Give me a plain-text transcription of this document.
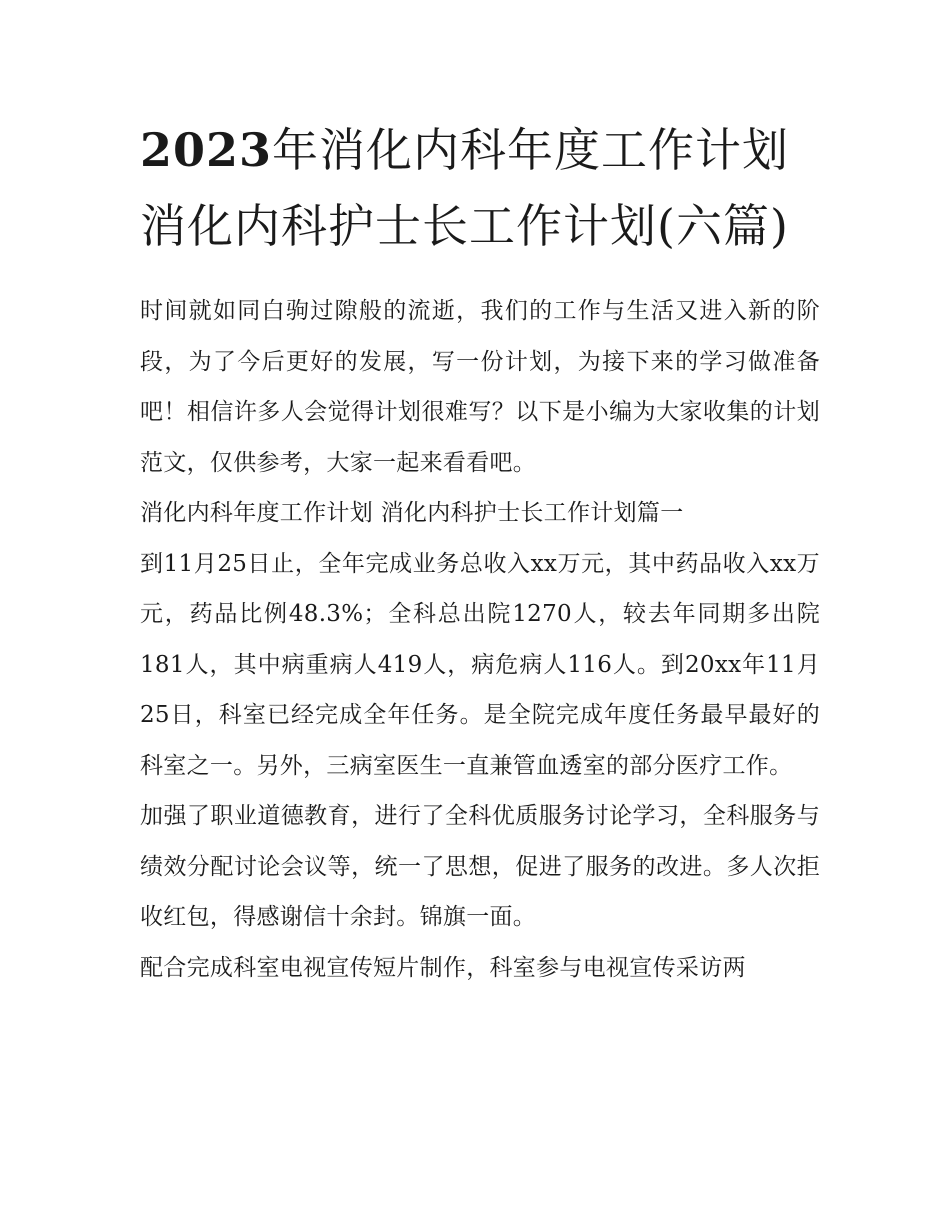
2023年消化内科年度工作计划消化内科护士长工作计划(六篇)

时间就如同白驹过隙般的流逝，我们的工作与生活又进入新的阶段，为了今后更好的发展，写一份计划，为接下来的学习做准备吧！相信许多人会觉得计划很难写？以下是小编为大家收集的计划范文，仅供参考，大家一起来看看吧。

消化内科年度工作计划 消化内科护士长工作计划篇一

到11月25日止，全年完成业务总收入xx万元，其中药品收入xx万元，药品比例48.3%；全科总出院1270人，较去年同期多出院181人，其中病重病人419人，病危病人116人。到20xx年11月25日，科室已经完成全年任务。是全院完成年度任务最早最好的科室之一。另外，三病室医生一直兼管血透室的部分医疗工作。

加强了职业道德教育，进行了全科优质服务讨论学习，全科服务与绩效分配讨论会议等，统一了思想，促进了服务的改进。多人次拒收红包，得感谢信十余封。锦旗一面。

配合完成科室电视宣传短片制作，科室参与电视宣传采访两
